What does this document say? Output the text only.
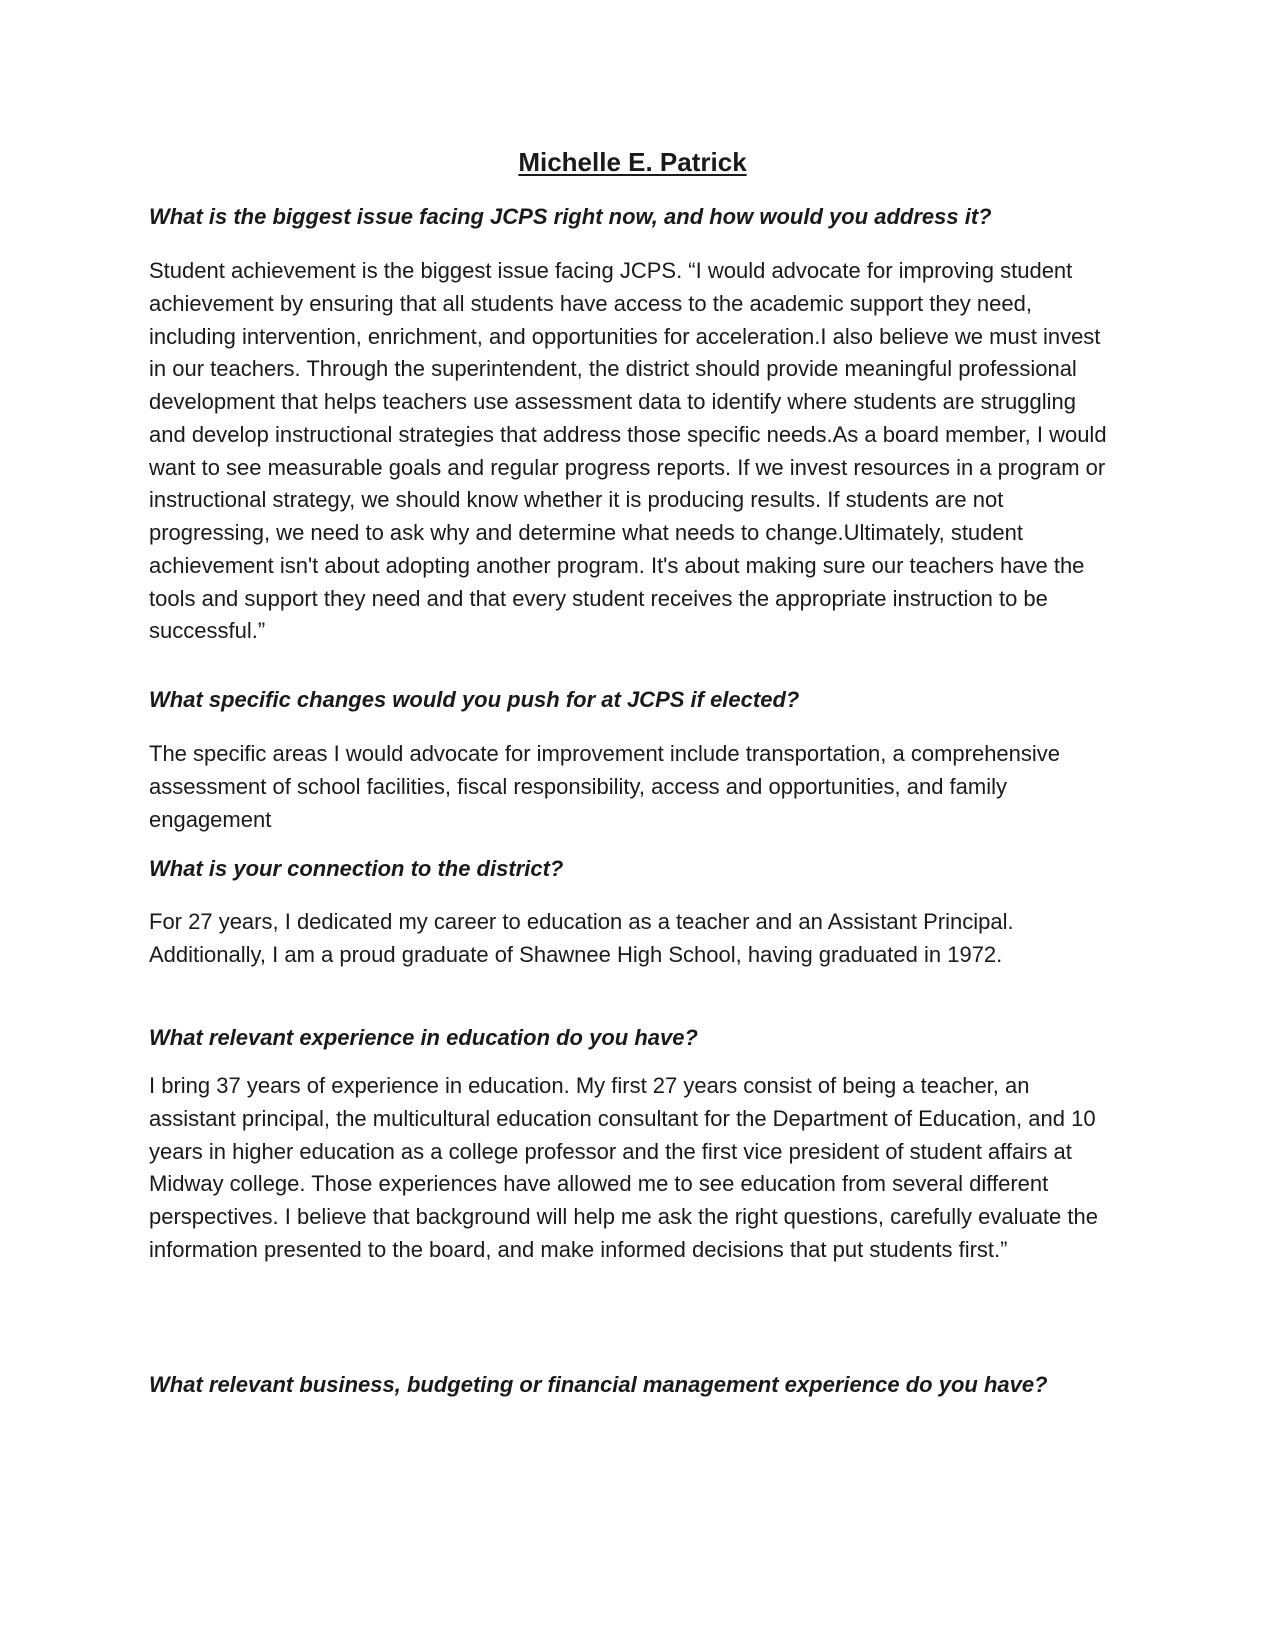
Michelle E. Patrick

What is the biggest issue facing JCPS right now, and how would you address it?

Student achievement is the biggest issue facing JCPS. “I would advocate for improving student achievement by ensuring that all students have access to the academic support they need, including intervention, enrichment, and opportunities for acceleration.I also believe we must invest in our teachers. Through the superintendent, the district should provide meaningful professional development that helps teachers use assessment data to identify where students are struggling and develop instructional strategies that address those specific needs.As a board member, I would want to see measurable goals and regular progress reports. If we invest resources in a program or instructional strategy, we should know whether it is producing results. If students are not progressing, we need to ask why and determine what needs to change.Ultimately, student achievement isn't about adopting another program. It's about making sure our teachers have the tools and support they need and that every student receives the appropriate instruction to be successful.”

What specific changes would you push for at JCPS if elected?

The specific areas I would advocate for improvement include transportation, a comprehensive assessment of school facilities, fiscal responsibility, access and opportunities, and family engagement

What is your connection to the district?

For 27 years, I dedicated my career to education as a teacher and an Assistant Principal. Additionally, I am a proud graduate of Shawnee High School, having graduated in 1972.

What relevant experience in education do you have?

I bring 37 years of experience in education. My first 27 years consist of being a teacher, an assistant principal, the multicultural education consultant for the Department of Education, and 10 years in higher education as a college professor and the first vice president of student affairs at Midway college. Those experiences have allowed me to see education from several different perspectives. I believe that background will help me ask the right questions, carefully evaluate the information presented to the board, and make informed decisions that put students first.”

What relevant business, budgeting or financial management experience do you have?
